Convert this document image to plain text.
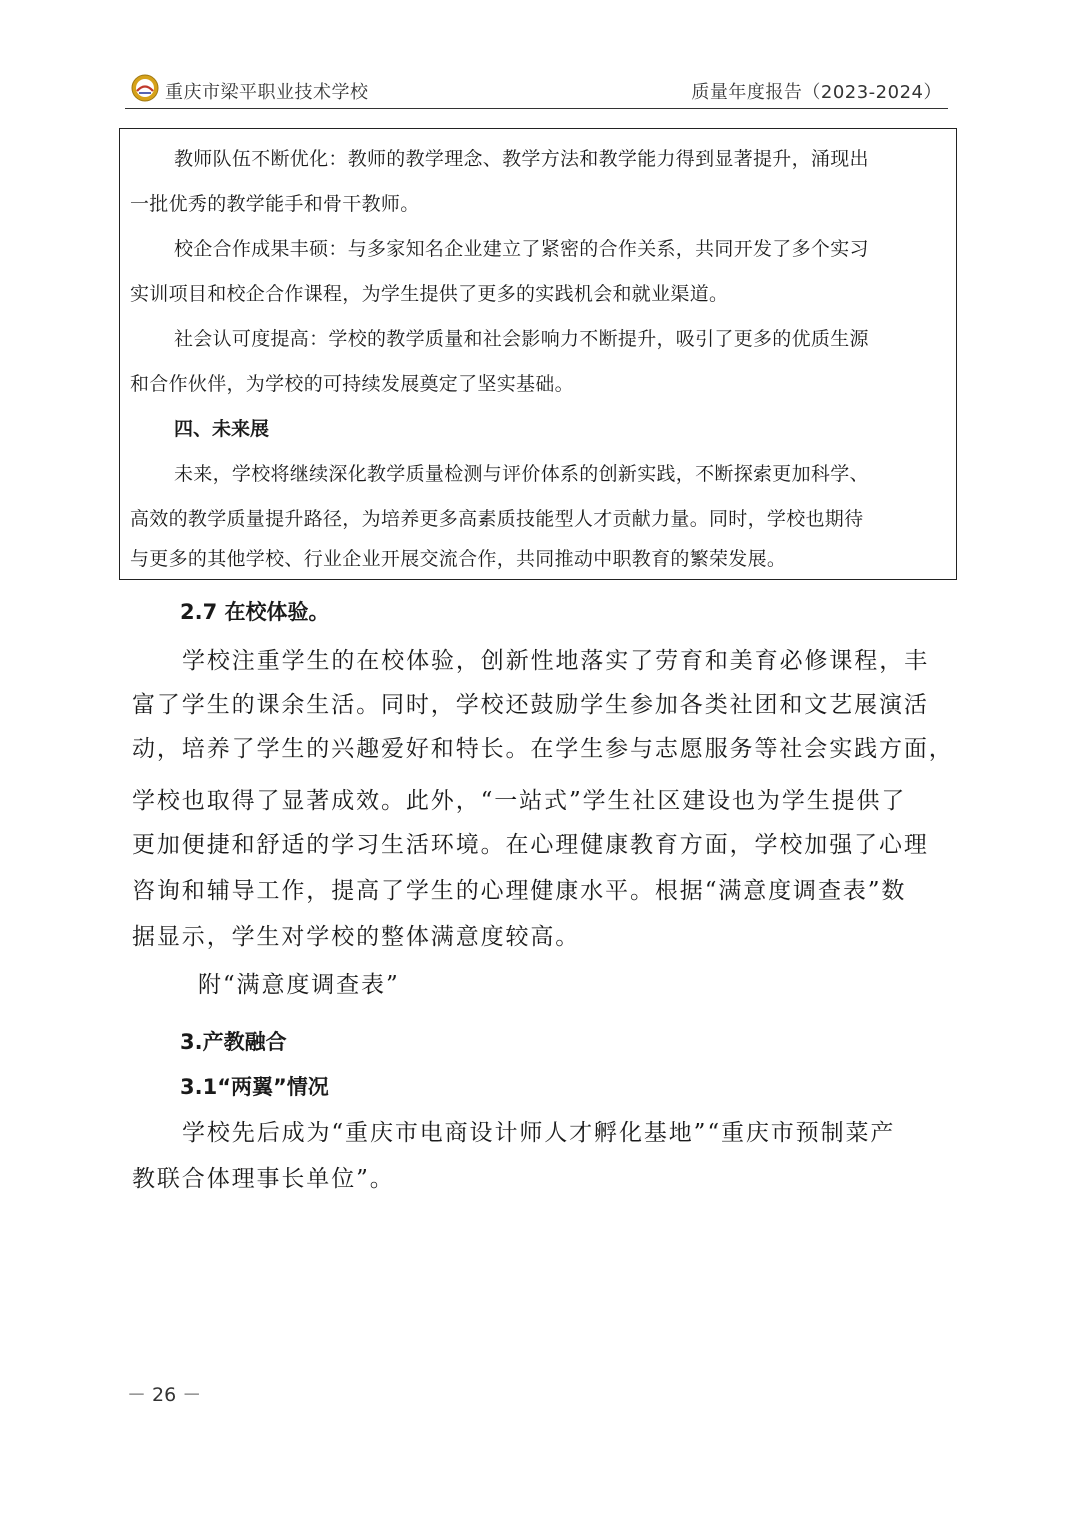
重庆市梁平职业技术学校	质量年度报告（2023-2024）
教师队伍不断优化：教师的教学理念、教学方法和教学能力得到显著提升，涌现出
一批优秀的教学能手和骨干教师。
校企合作成果丰硕：与多家知名企业建立了紧密的合作关系，共同开发了多个实习
实训项目和校企合作课程，为学生提供了更多的实践机会和就业渠道。
社会认可度提高：学校的教学质量和社会影响力不断提升，吸引了更多的优质生源
和合作伙伴，为学校的可持续发展奠定了坚实基础。
四、未来展
未来，学校将继续深化教学质量检测与评价体系的创新实践，不断探索更加科学、
高效的教学质量提升路径，为培养更多高素质技能型人才贡献力量。同时，学校也期待
与更多的其他学校、行业企业开展交流合作，共同推动中职教育的繁荣发展。
2.7 在校体验。
学校注重学生的在校体验，创新性地落实了劳育和美育必修课程，丰
富了学生的课余生活。同时，学校还鼓励学生参加各类社团和文艺展演活
动，培养了学生的兴趣爱好和特长。在学生参与志愿服务等社会实践方面，
学校也取得了显著成效。此外，“一站式”学生社区建设也为学生提供了
更加便捷和舒适的学习生活环境。在心理健康教育方面，学校加强了心理
咨询和辅导工作，提高了学生的心理健康水平。根据“满意度调查表”数
据显示，学生对学校的整体满意度较高。
附“满意度调查表”
3.产教融合
3.1“两翼”情况
学校先后成为“重庆市电商设计师人才孵化基地”“重庆市预制菜产
教联合体理事长单位”。
－ 26 －
